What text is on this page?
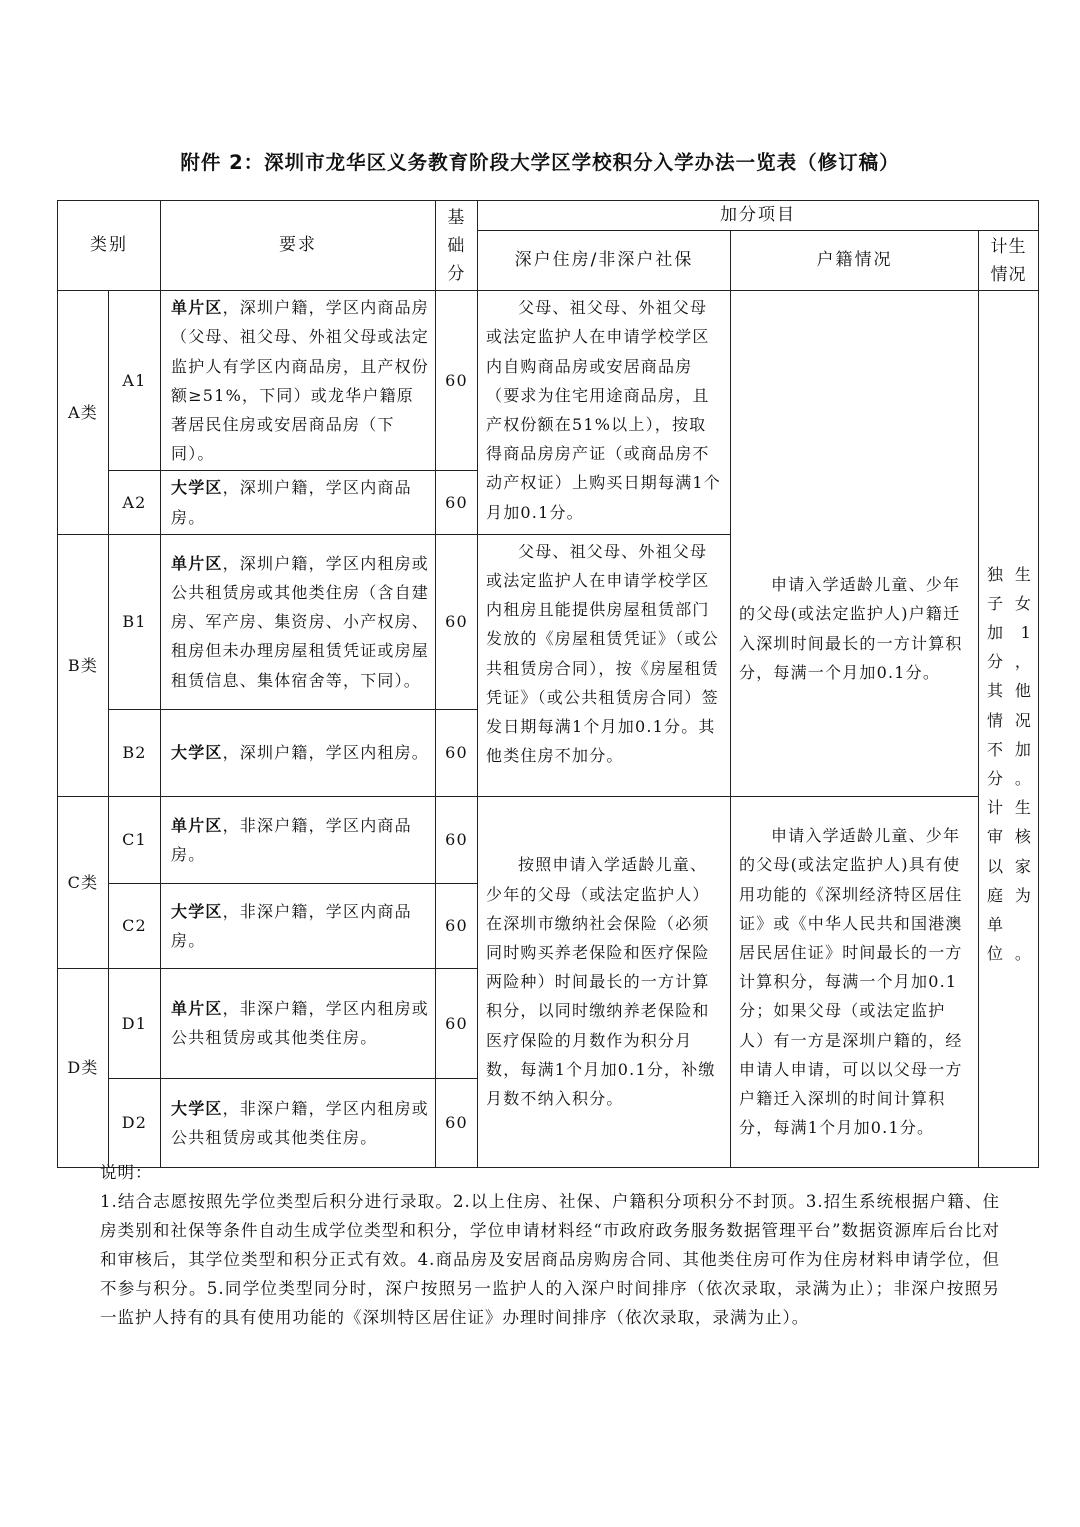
附件 2：深圳市龙华区义务教育阶段大学区学校积分入学办法一览表（修订稿）
类别		要求	基
础
分	加分项目		
				深户住房/非深户社保	户籍情况	计生
情况
A类	A1	单片区，深圳户籍，学区内商品房（父母、祖父母、外祖父母或法定监护人有学区内商品房，且产权份额≥51%，下同）或龙华户籍原著居民住房或安居商品房（下同）。	60	父母、祖父母、外祖父母或法定监护人在申请学校学区内自购商品房或安居商品房（要求为住宅用途商品房，且产权份额在51%以上），按取得商品房房产证（或商品房不动产权证）上购买日期每满1个月加0.1分。	申请入学适龄儿童、少年的父母(或法定监护人)户籍迁入深圳时间最长的一方计算积分，每满一个月加0.1分。	独生子女加1分，其他情况不加分。计生审核以家庭为单位。
	A2	大学区，深圳户籍，学区内商品房。	60			
B类	B1	单片区，深圳户籍，学区内租房或公共租赁房或其他类住房（含自建房、军产房、集资房、小产权房、租房但未办理房屋租赁凭证或房屋租赁信息、集体宿舍等，下同）。	60	父母、祖父母、外祖父母或法定监护人在申请学校学区内租房且能提供房屋租赁部门发放的《房屋租赁凭证》（或公共租赁房合同），按《房屋租赁凭证》（或公共租赁房合同）签发日期每满1个月加0.1分。其他类住房不加分。		
	B2	大学区，深圳户籍，学区内租房。	60			
C类	C1	单片区，非深户籍，学区内商品房。	60	按照申请入学适龄儿童、少年的父母（或法定监护人）在深圳市缴纳社会保险（必须同时购买养老保险和医疗保险两险种）时间最长的一方计算积分，以同时缴纳养老保险和医疗保险的月数作为积分月数，每满1个月加0.1分，补缴月数不纳入积分。	申请入学适龄儿童、少年的父母(或法定监护人)具有使用功能的《深圳经济特区居住证》或《中华人民共和国港澳居民居住证》时间最长的一方计算积分，每满一个月加0.1分；如果父母（或法定监护人）有一方是深圳户籍的，经申请人申请，可以以父母一方户籍迁入深圳的时间计算积分，每满1个月加0.1分。	
	C2	大学区，非深户籍，学区内商品房。	60			
D类	D1	单片区，非深户籍，学区内租房或公共租赁房或其他类住房。	60			
	D2	大学区，非深户籍，学区内租房或公共租赁房或其他类住房。	60			
说明：
1.结合志愿按照先学位类型后积分进行录取。2.以上住房、社保、户籍积分项积分不封顶。3.招生系统根据户籍、住房类别和社保等条件自动生成学位类型和积分，学位申请材料经“市政府政务服务数据管理平台”数据资源库后台比对和审核后，其学位类型和积分正式有效。4.商品房及安居商品房购房合同、其他类住房可作为住房材料申请学位，但不参与积分。5.同学位类型同分时，深户按照另一监护人的入深户时间排序（依次录取，录满为止）；非深户按照另一监护人持有的具有使用功能的《深圳特区居住证》办理时间排序（依次录取，录满为止）。
